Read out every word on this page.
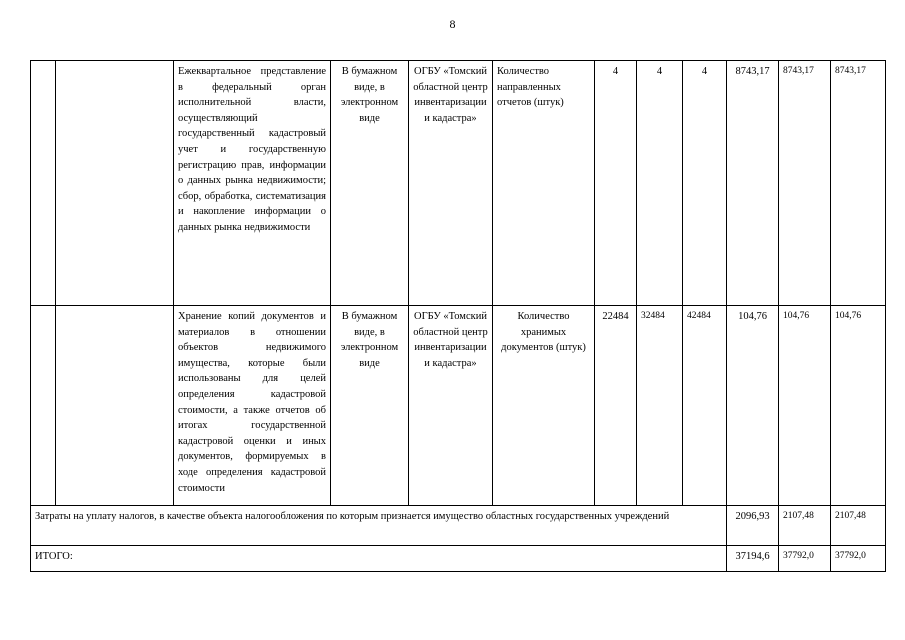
8
		Ежеквартальное представление в федеральный орган исполнительной власти, осуществляющий государственный кадастровый учет и государственную регистрацию прав, информации о данных рынка недвижимости; сбор, обработка, систематизация и накопление информации о данных рынка недвижимости	В бумажном виде, в электронном виде	ОГБУ «Томский областной центр инвентаризации и кадастра»	Количество направленных отчетов (штук)	4	4	4	8743,17	8743,17	8743,17
		Хранение копий документов и материалов в отношении объектов недвижимого имущества, которые были использованы для целей определения кадастровой стоимости, а также отчетов об итогах государственной кадастровой оценки и иных документов, формируемых в ходе определения кадастровой стоимости	В бумажном виде, в электронном виде	ОГБУ «Томский областной центр инвентаризации и кадастра»	Количество хранимых документов (штук)	22484	32484	42484	104,76	104,76	104,76
Затраты на уплату налогов, в качестве объекта налогообложения по которым признается имущество областных государственных учреждений									2096,93	2107,48	2107,48
ИТОГО:									37194,6	37792,0	37792,0
